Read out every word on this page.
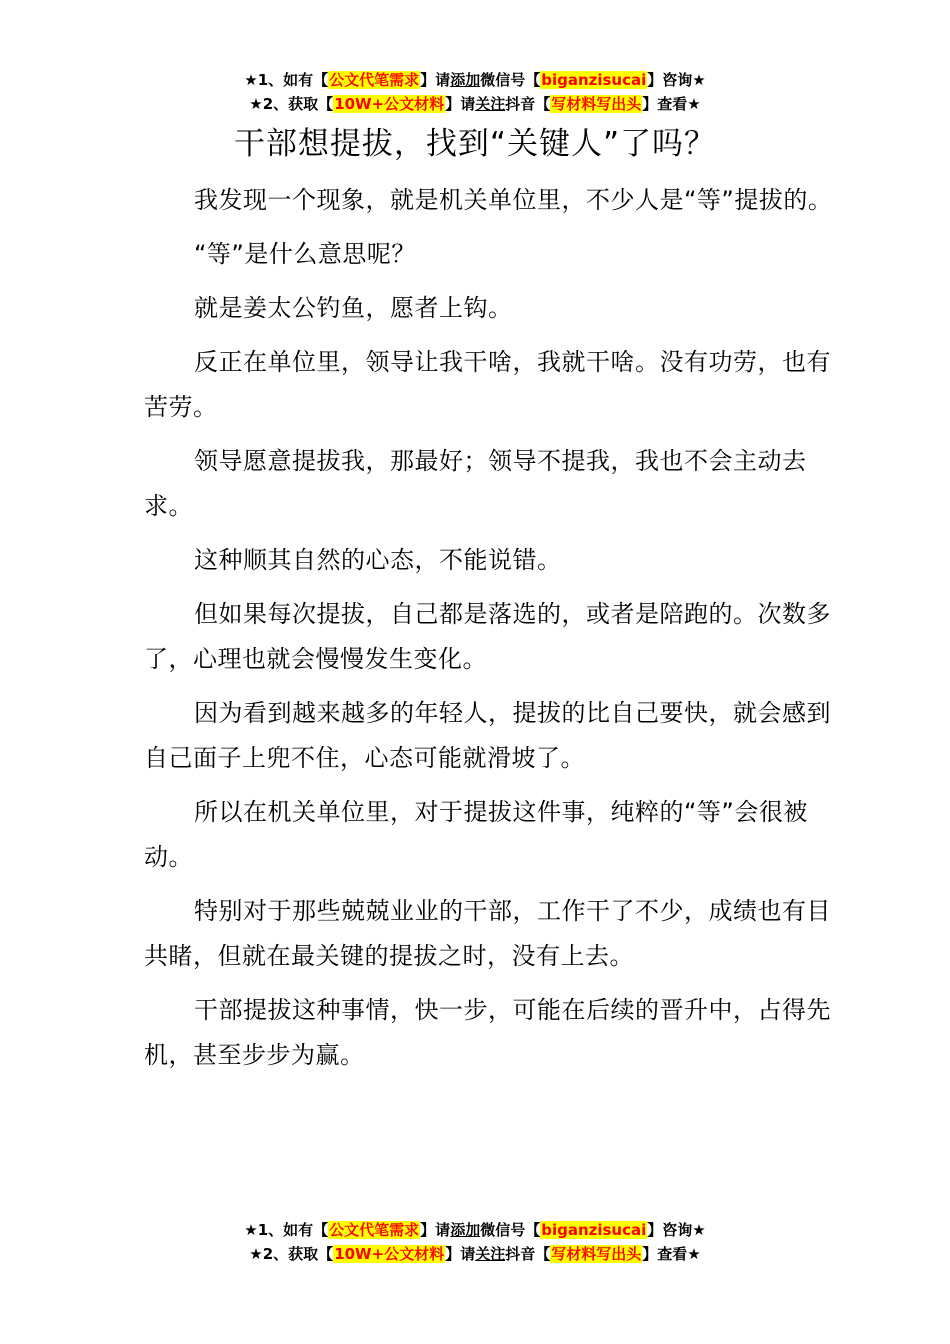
★1、如有【公文代笔需求】请添加微信号【biganzisucai】咨询★
★2、获取【10W+公文材料】请关注抖音【写材料写出头】查看★
干部想提拔，找到“关键人”了吗？

我发现一个现象，就是机关单位里，不少人是“等”提拔的。

“等”是什么意思呢？

就是姜太公钓鱼，愿者上钩。

反正在单位里，领导让我干啥，我就干啥。没有功劳，也有苦劳。

领导愿意提拔我，那最好；领导不提我，我也不会主动去求。

这种顺其自然的心态，不能说错。

但如果每次提拔，自己都是落选的，或者是陪跑的。次数多了，心理也就会慢慢发生变化。

因为看到越来越多的年轻人，提拔的比自己要快，就会感到自己面子上兜不住，心态可能就滑坡了。

所以在机关单位里，对于提拔这件事，纯粹的“等”会很被动。

特别对于那些兢兢业业的干部，工作干了不少，成绩也有目共睹，但就在最关键的提拔之时，没有上去。

干部提拔这种事情，快一步，可能在后续的晋升中，占得先机，甚至步步为赢。

★1、如有【公文代笔需求】请添加微信号【biganzisucai】咨询★
★2、获取【10W+公文材料】请关注抖音【写材料写出头】查看★
